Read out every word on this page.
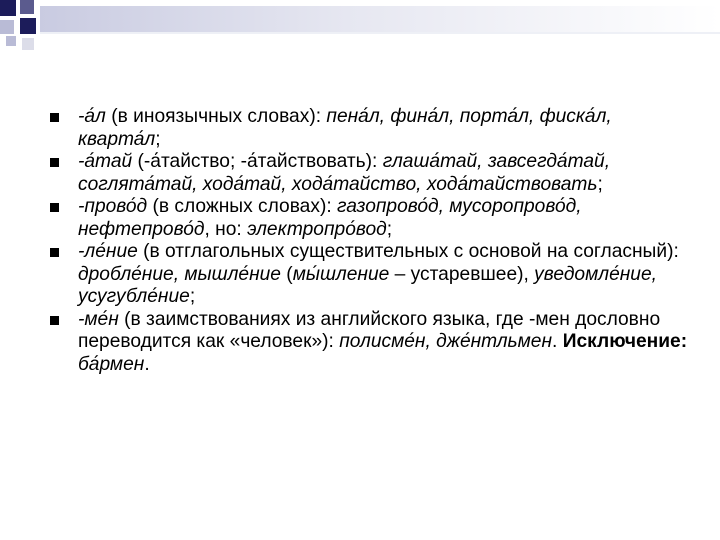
-а́л (в иноязычных словах): пена́л, фина́л, порта́л, фиска́л, кварта́л;
-а́тай (-а́тайство; -а́тайствовать): глаша́тай, завсегда́тай, соглята́тай, хода́тай, хода́тайство, хода́тайствовать;
-прово́д (в сложных словах): газопрово́д, мусоропрово́д, нефтепрово́д, но: электропро́вод;
-ле́ние (в отглагольных существительных с основой на согласный): дробле́ние, мышле́ние (мы́шление – устаревшее), уведомле́ние, усугубле́ние;
-ме́н (в заимствованиях из английского языка, где -мен дословно переводится как «человек»): полисме́н, дже́нтльмен. Исключение: ба́рмен.
